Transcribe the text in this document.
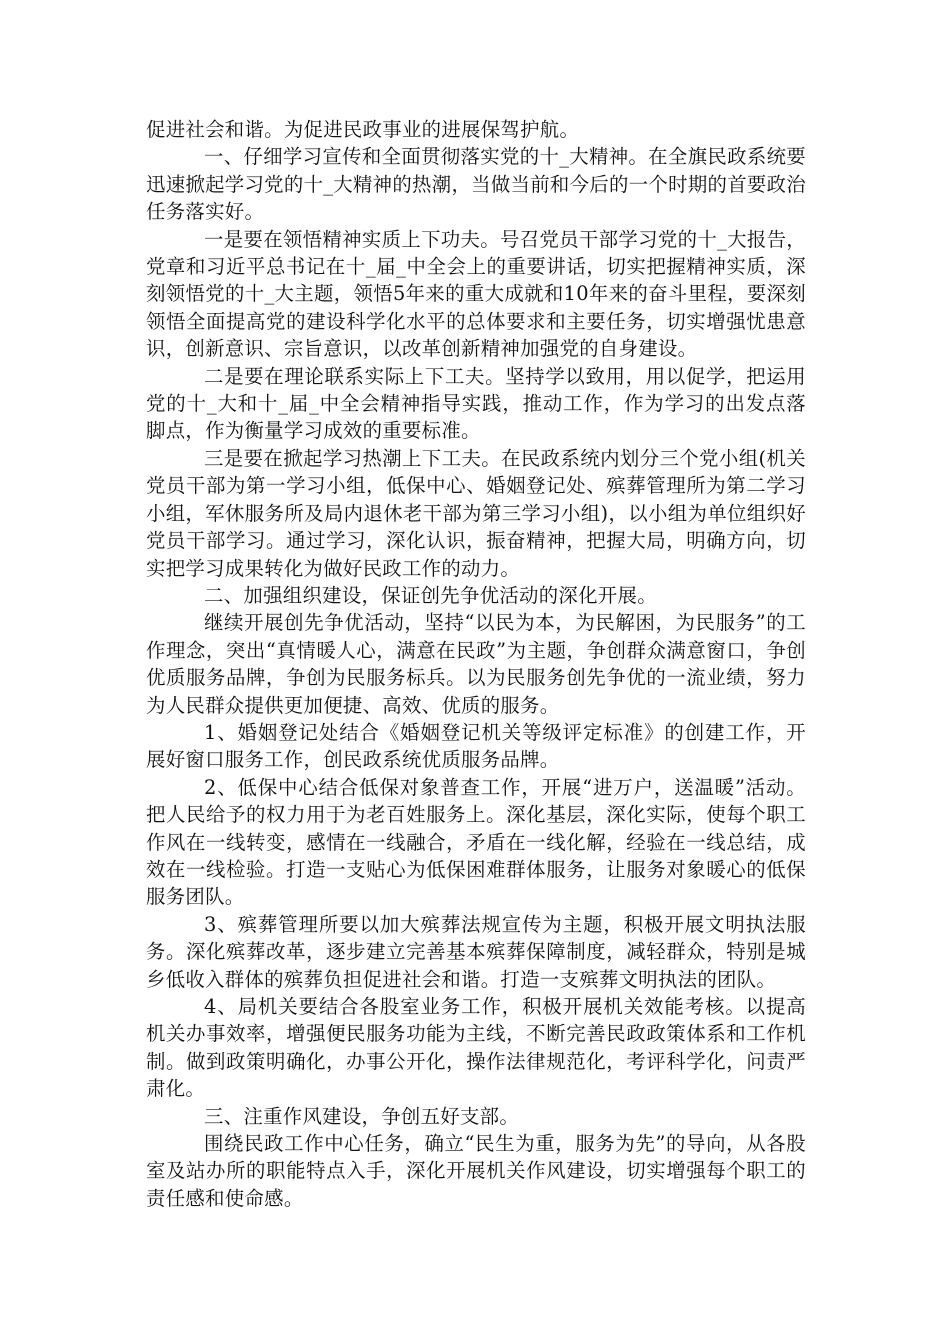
促进社会和谐。为促进民政事业的进展保驾护航。

一、仔细学习宣传和全面贯彻落实党的十_大精神。在全旗民政系统要迅速掀起学习党的十_大精神的热潮，当做当前和今后的一个时期的首要政治任务落实好。

一是要在领悟精神实质上下功夫。号召党员干部学习党的十_大报告，党章和习近平总书记在十_届_中全会上的重要讲话，切实把握精神实质，深刻领悟党的十_大主题，领悟5年来的重大成就和10年来的奋斗里程，要深刻领悟全面提高党的建设科学化水平的总体要求和主要任务，切实增强忧患意识，创新意识、宗旨意识，以改革创新精神加强党的自身建设。

二是要在理论联系实际上下工夫。坚持学以致用，用以促学，把运用党的十_大和十_届_中全会精神指导实践，推动工作，作为学习的出发点落脚点，作为衡量学习成效的重要标准。

三是要在掀起学习热潮上下工夫。在民政系统内划分三个党小组(机关党员干部为第一学习小组，低保中心、婚姻登记处、殡葬管理所为第二学习小组，军休服务所及局内退休老干部为第三学习小组)，以小组为单位组织好党员干部学习。通过学习，深化认识，振奋精神，把握大局，明确方向，切实把学习成果转化为做好民政工作的动力。

二、加强组织建设，保证创先争优活动的深化开展。

继续开展创先争优活动，坚持“以民为本，为民解困，为民服务”的工作理念，突出“真情暖人心，满意在民政”为主题，争创群众满意窗口，争创优质服务品牌，争创为民服务标兵。以为民服务创先争优的一流业绩，努力为人民群众提供更加便捷、高效、优质的服务。

1、婚姻登记处结合《婚姻登记机关等级评定标准》的创建工作，开展好窗口服务工作，创民政系统优质服务品牌。

2、低保中心结合低保对象普查工作，开展“进万户，送温暖”活动。把人民给予的权力用于为老百姓服务上。深化基层，深化实际，使每个职工作风在一线转变，感情在一线融合，矛盾在一线化解，经验在一线总结，成效在一线检验。打造一支贴心为低保困难群体服务，让服务对象暖心的低保服务团队。

3、殡葬管理所要以加大殡葬法规宣传为主题，积极开展文明执法服务。深化殡葬改革，逐步建立完善基本殡葬保障制度，减轻群众，特别是城乡低收入群体的殡葬负担促进社会和谐。打造一支殡葬文明执法的团队。

4、局机关要结合各股室业务工作，积极开展机关效能考核。以提高机关办事效率，增强便民服务功能为主线，不断完善民政政策体系和工作机制。做到政策明确化，办事公开化，操作法律规范化，考评科学化，问责严肃化。

三、注重作风建设，争创五好支部。

围绕民政工作中心任务，确立“民生为重，服务为先”的导向，从各股室及站办所的职能特点入手，深化开展机关作风建设，切实增强每个职工的责任感和使命感。
